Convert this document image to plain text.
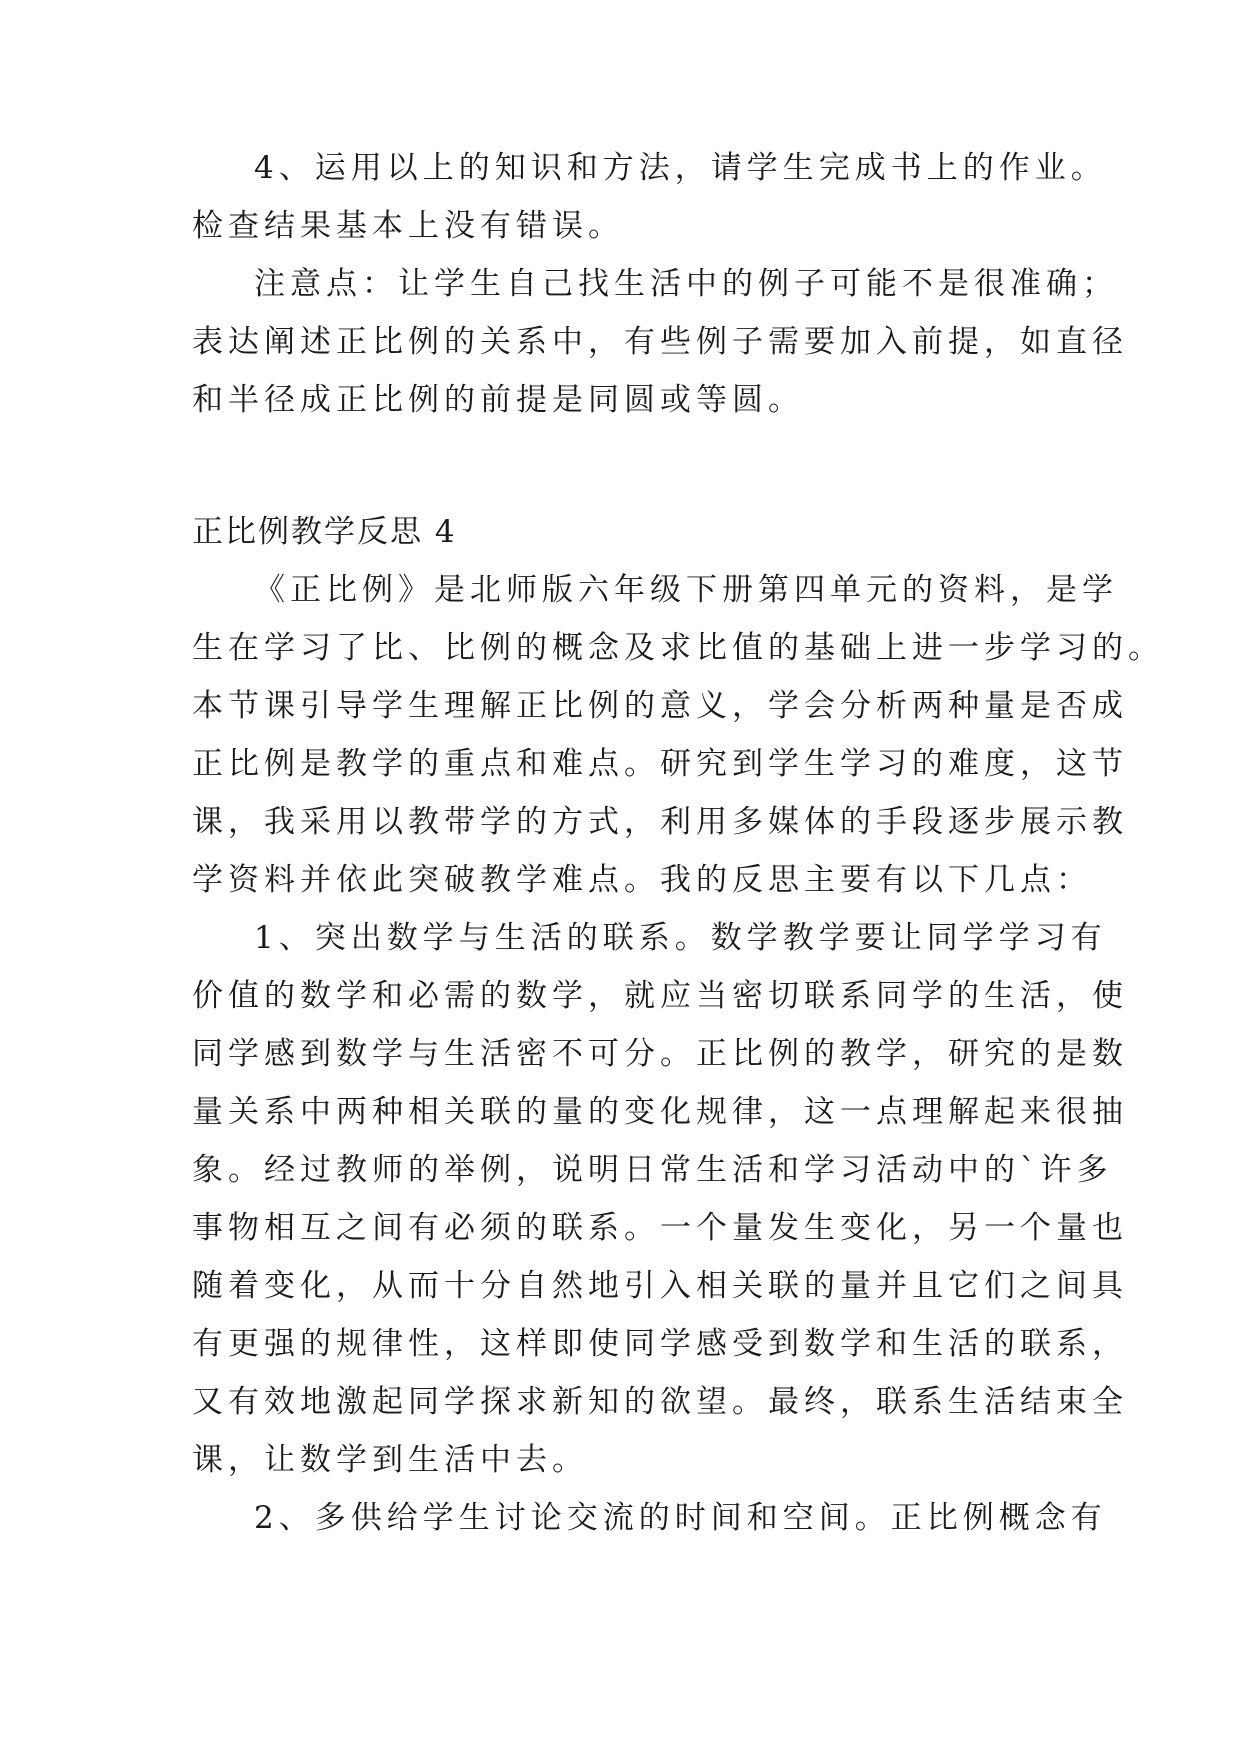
4、运用以上的知识和方法，请学生完成书上的作业。
检查结果基本上没有错误。
注意点：让学生自己找生活中的例子可能不是很准确；
表达阐述正比例的关系中，有些例子需要加入前提，如直径
和半径成正比例的前提是同圆或等圆。
正比例教学反思 4
《正比例》是北师版六年级下册第四单元的资料，是学
生在学习了比、比例的概念及求比值的基础上进一步学习的。
本节课引导学生理解正比例的意义，学会分析两种量是否成
正比例是教学的重点和难点。研究到学生学习的难度，这节
课，我采用以教带学的方式，利用多媒体的手段逐步展示教
学资料并依此突破教学难点。我的反思主要有以下几点：
1、突出数学与生活的联系。数学教学要让同学学习有
价值的数学和必需的数学，就应当密切联系同学的生活，使
同学感到数学与生活密不可分。正比例的教学，研究的是数
量关系中两种相关联的量的变化规律，这一点理解起来很抽
象。经过教师的举例，说明日常生活和学习活动中的`许多
事物相互之间有必须的联系。一个量发生变化，另一个量也
随着变化，从而十分自然地引入相关联的量并且它们之间具
有更强的规律性，这样即使同学感受到数学和生活的联系，
又有效地激起同学探求新知的欲望。最终，联系生活结束全
课，让数学到生活中去。
2、多供给学生讨论交流的时间和空间。正比例概念有
